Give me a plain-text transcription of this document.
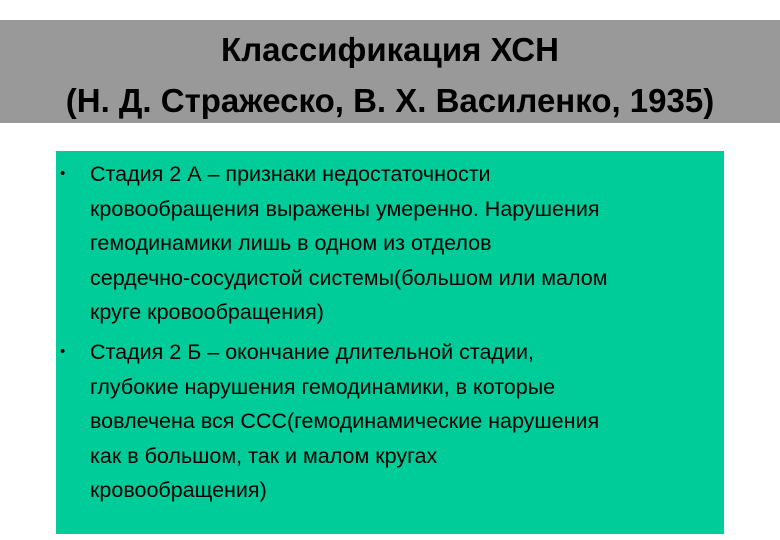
Классификация ХСН
(Н. Д. Стражеско, В. Х. Василенко, 1935)
• Стадия 2 А – признаки недостаточности
кровообращения выражены умеренно. Нарушения
гемодинамики лишь в одном из отделов
сердечно-сосудистой системы(большом или малом
круге кровообращения)
• Стадия 2 Б – окончание длительной стадии,
глубокие нарушения гемодинамики, в которые
вовлечена вся ССС(гемодинамические нарушения
как в большом, так и малом кругах
кровообращения)
